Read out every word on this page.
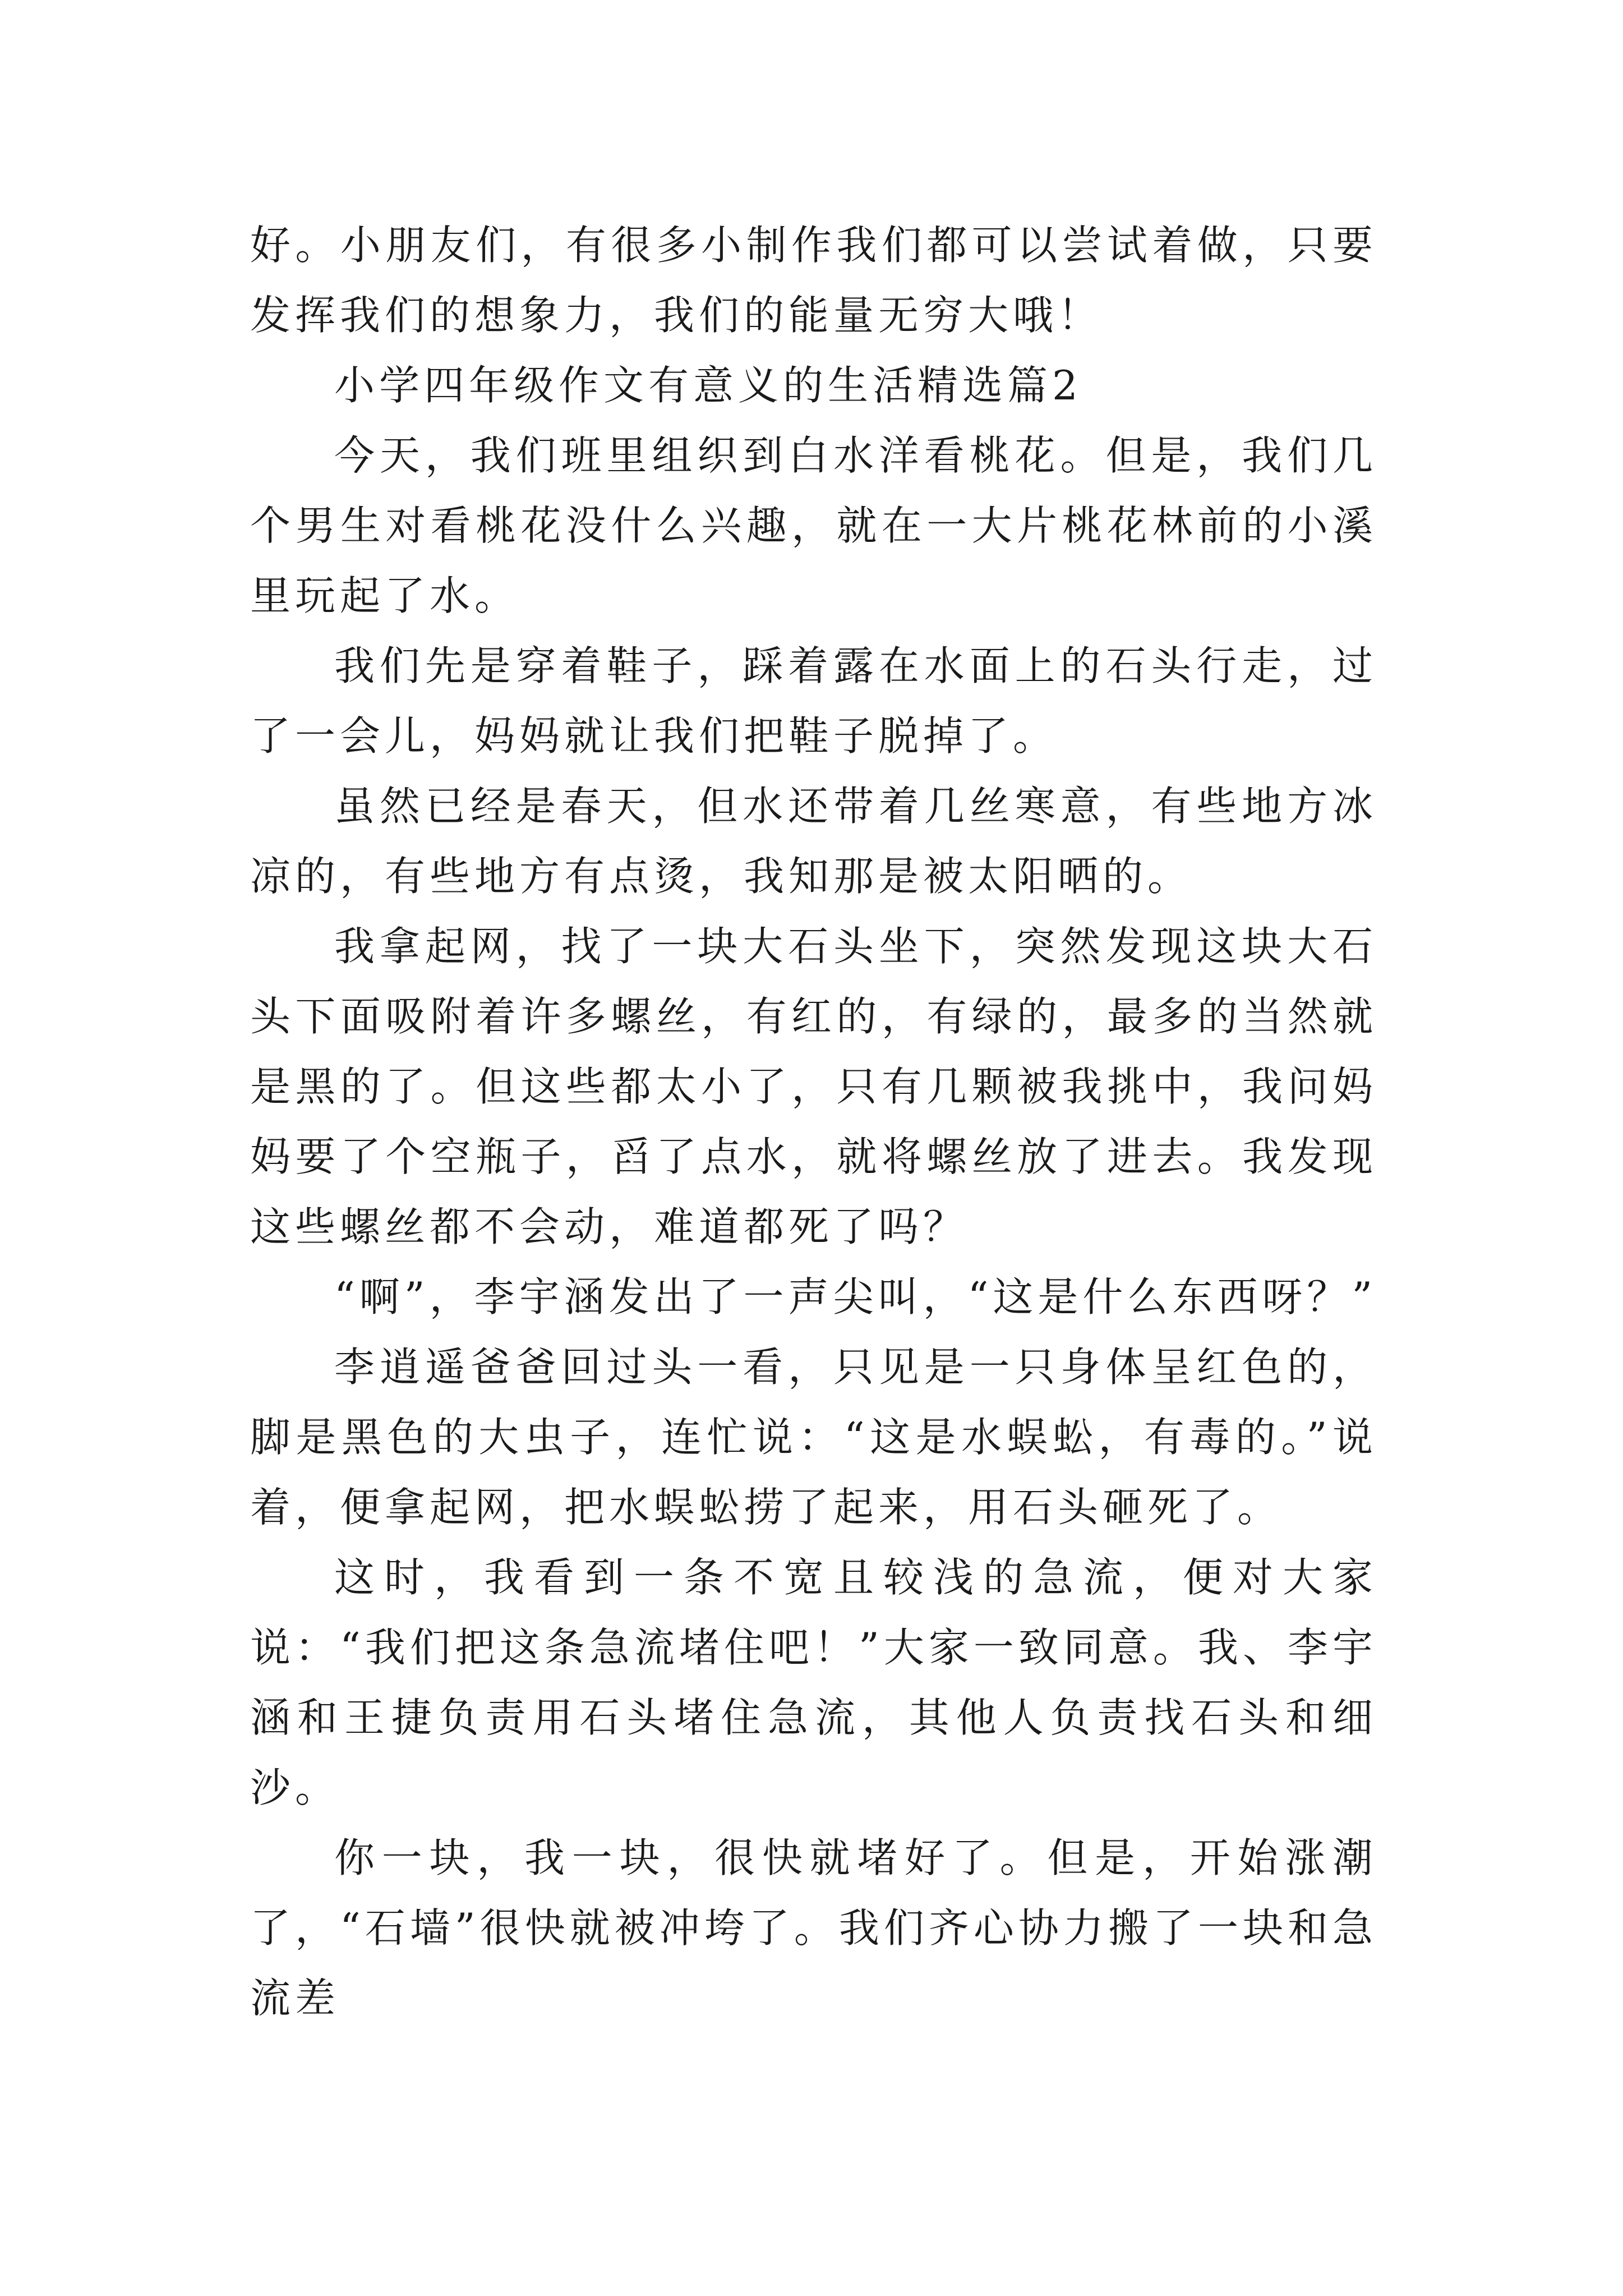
好。小朋友们，有很多小制作我们都可以尝试着做，只要发挥我们的想象力，我们的能量无穷大哦！

小学四年级作文有意义的生活精选篇2

今天，我们班里组织到白水洋看桃花。但是，我们几个男生对看桃花没什么兴趣，就在一大片桃花林前的小溪里玩起了水。

我们先是穿着鞋子，踩着露在水面上的石头行走，过了一会儿，妈妈就让我们把鞋子脱掉了。

虽然已经是春天，但水还带着几丝寒意，有些地方冰凉的，有些地方有点烫，我知那是被太阳晒的。

我拿起网，找了一块大石头坐下，突然发现这块大石头下面吸附着许多螺丝，有红的，有绿的，最多的当然就是黑的了。但这些都太小了，只有几颗被我挑中，我问妈妈要了个空瓶子，舀了点水，就将螺丝放了进去。我发现这些螺丝都不会动，难道都死了吗？

“啊”，李宇涵发出了一声尖叫，“这是什么东西呀？”

李逍遥爸爸回过头一看，只见是一只身体呈红色的，脚是黑色的大虫子，连忙说：“这是水蜈蚣，有毒的。”说着，便拿起网，把水蜈蚣捞了起来，用石头砸死了。

这时，我看到一条不宽且较浅的急流，便对大家说：“我们把这条急流堵住吧！”大家一致同意。我、李宇涵和王捷负责用石头堵住急流，其他人负责找石头和细沙。

你一块，我一块，很快就堵好了。但是，开始涨潮了，“石墙”很快就被冲垮了。我们齐心协力搬了一块和急流差
